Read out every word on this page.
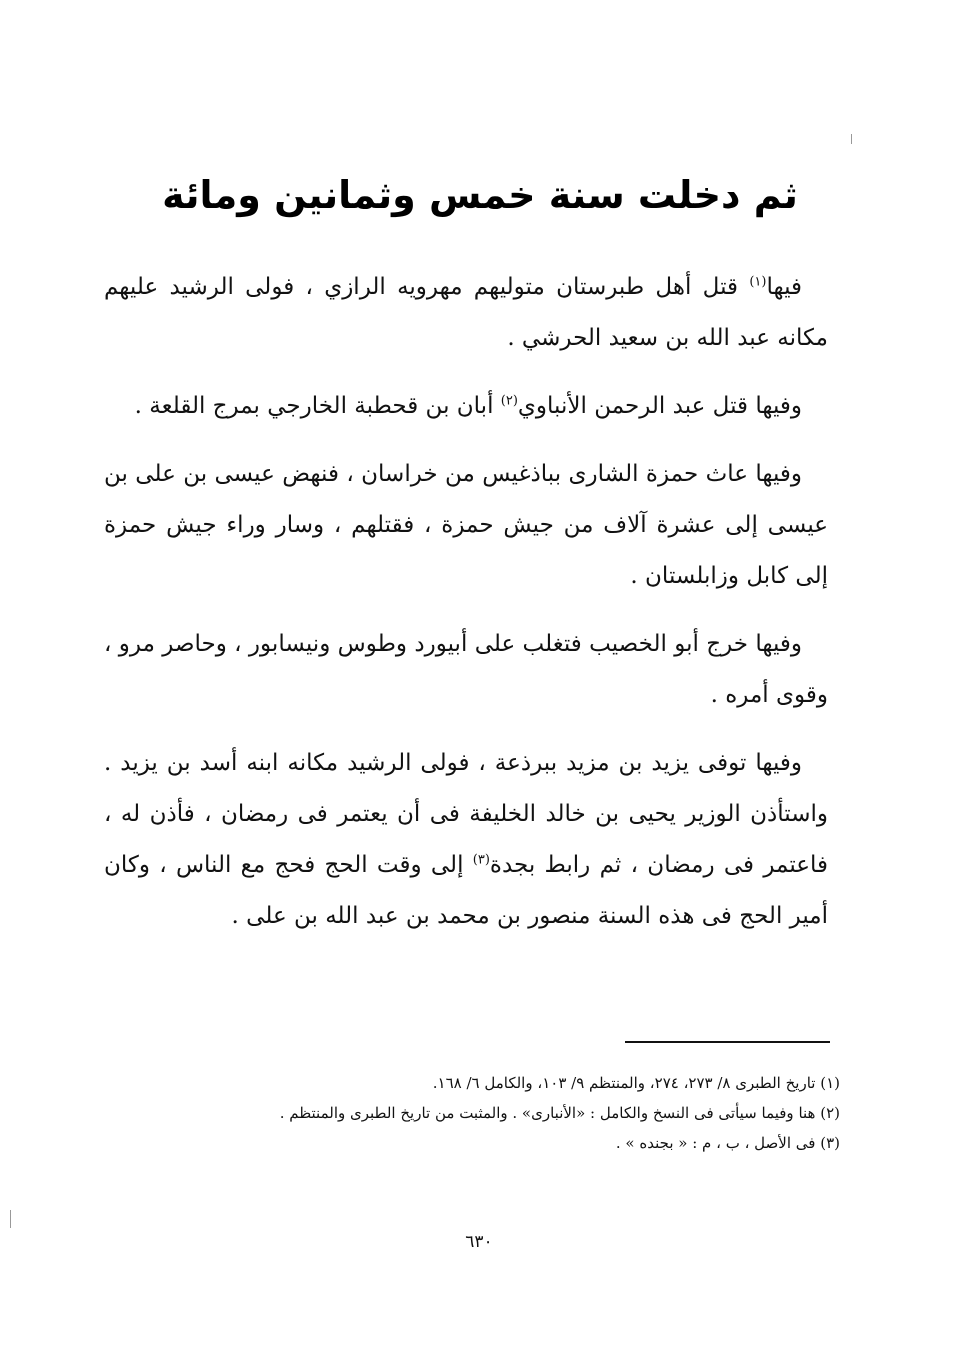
ثم دخلت سنة خمس وثمانين ومائة

فيها$^{(١)}$ قتل أهل طبرستان متوليهم مهرويه الرازي ، فولى الرشيد عليهم مكانه عبد الله بن سعيد الحرشي .

وفيها قتل عبد الرحمن الأنباوي$^{(٢)}$ أبان بن قحطبة الخارجي بمرج القلعة .

وفيها عاث حمزة الشارى بباذغيس من خراسان ، فنهض عيسى بن على بن عيسى إلى عشرة آلاف من جيش حمزة ، فقتلهم ، وسار وراء جيش حمزة إلى كابل وزابلستان .

وفيها خرج أبو الخصيب فتغلب على أبيورد وطوس ونيسابور ، وحاصر مرو ، وقوى أمره .

وفيها توفى يزيد بن مزيد ببرذعة ، فولى الرشيد مكانه ابنه أسد بن يزيد . واستأذن الوزير يحيى بن خالد الخليفة فى أن يعتمر فى رمضان ، فأذن له ، فاعتمر فى رمضان ، ثم رابط بجدة$^{(٣)}$ إلى وقت الحج فحج مع الناس ، وكان أمير الحج فى هذه السنة منصور بن محمد بن عبد الله بن على .

(١) تاريخ الطبرى ٨/ ٢٧٣، ٢٧٤، والمنتظم ٩/ ١٠٣، والكامل ٦/ ١٦٨.
(٢) هنا وفيما سيأتى فى النسخ والكامل : «الأنبارى» . والمثبت من تاريخ الطبرى والمنتظم .
(٣) فى الأصل ، ب ، م : « بجنده » .
٦٣٠
